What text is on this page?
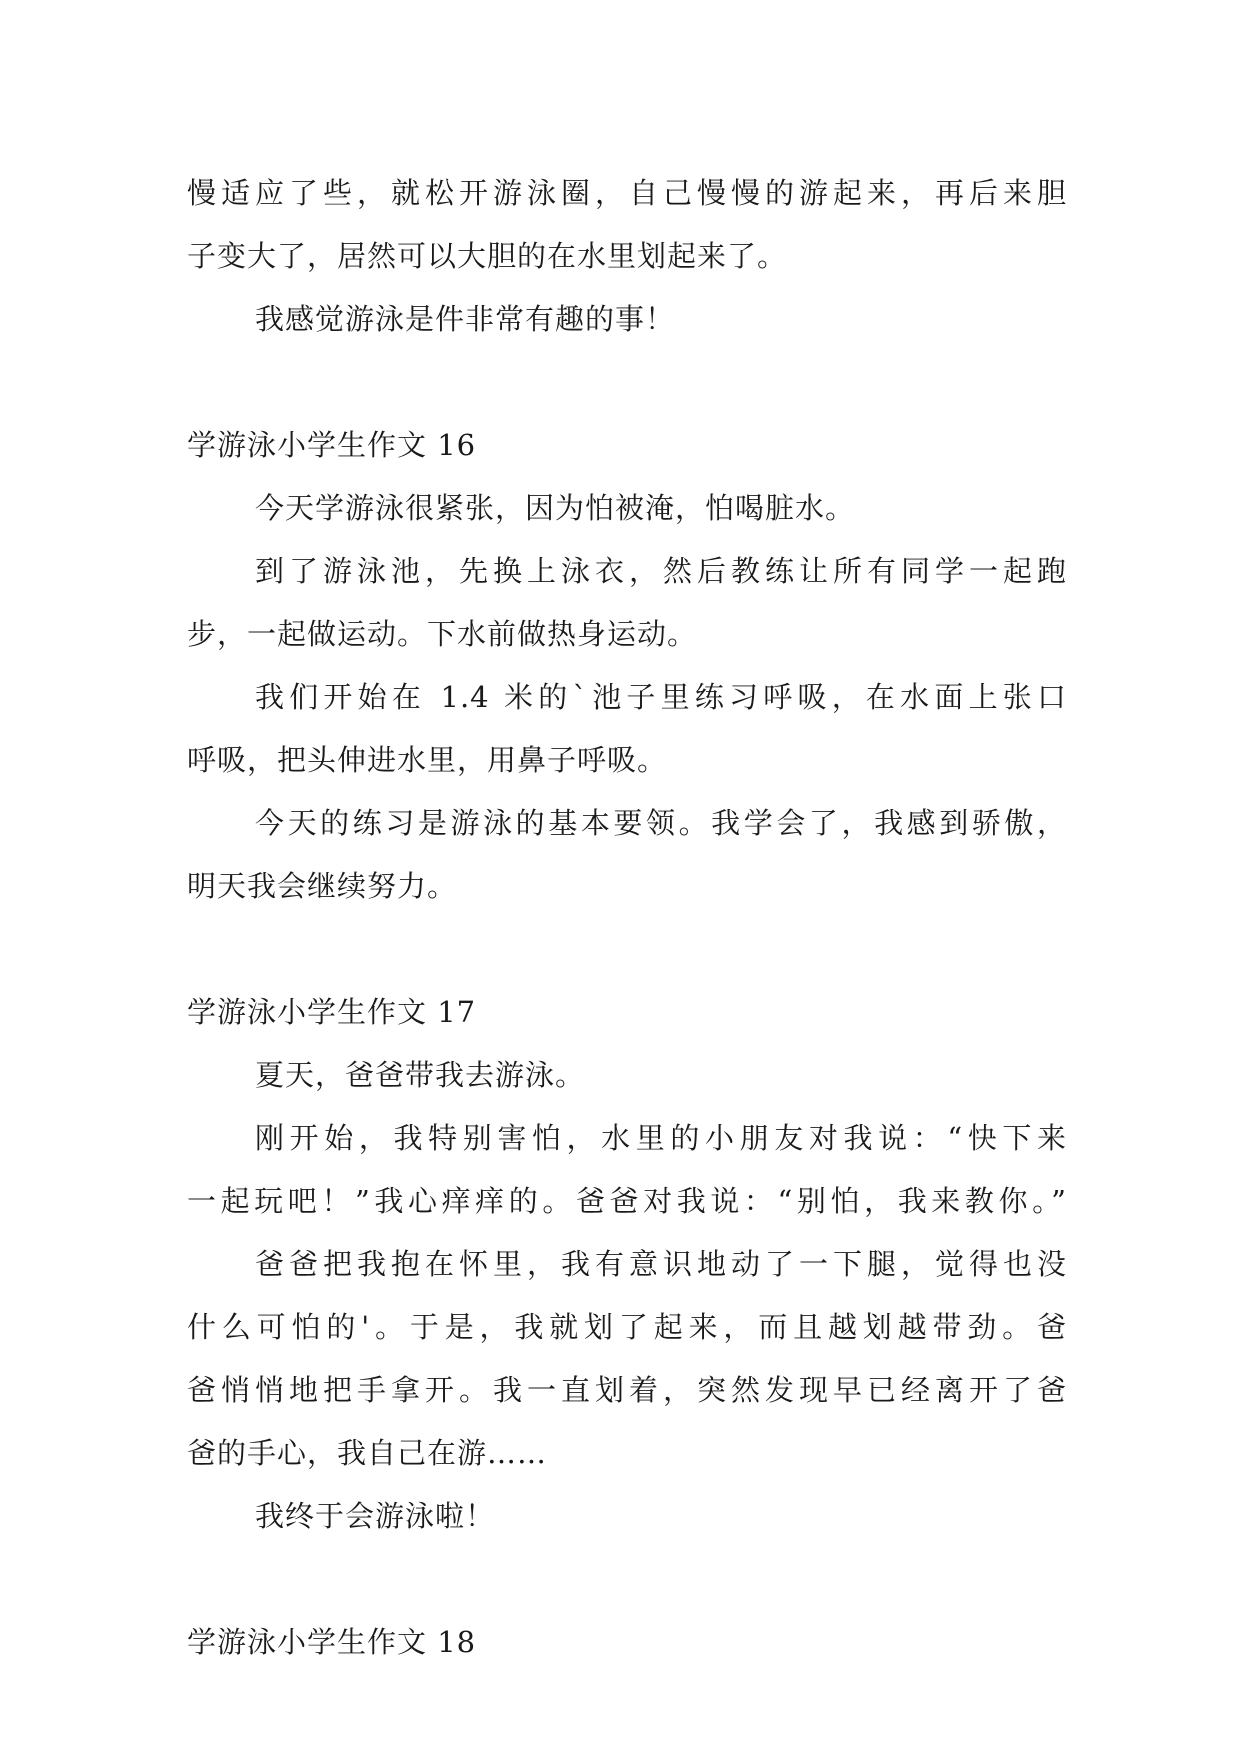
慢适应了些，就松开游泳圈，自己慢慢的游起来，再后来胆
子变大了，居然可以大胆的在水里划起来了。
我感觉游泳是件非常有趣的事！
学游泳小学生作文 16
今天学游泳很紧张，因为怕被淹，怕喝脏水。
到了游泳池，先换上泳衣，然后教练让所有同学一起跑
步，一起做运动。下水前做热身运动。
我们开始在 1.4 米的`池子里练习呼吸，在水面上张口
呼吸，把头伸进水里，用鼻子呼吸。
今天的练习是游泳的基本要领。我学会了，我感到骄傲，
明天我会继续努力。
学游泳小学生作文 17
夏天，爸爸带我去游泳。
刚开始，我特别害怕，水里的小朋友对我说：“快下来
一起玩吧！”我心痒痒的。爸爸对我说：“别怕，我来教你。”
爸爸把我抱在怀里，我有意识地动了一下腿，觉得也没
什么可怕的'。于是，我就划了起来，而且越划越带劲。爸
爸悄悄地把手拿开。我一直划着，突然发现早已经离开了爸
爸的手心，我自己在游……
我终于会游泳啦！
学游泳小学生作文 18
